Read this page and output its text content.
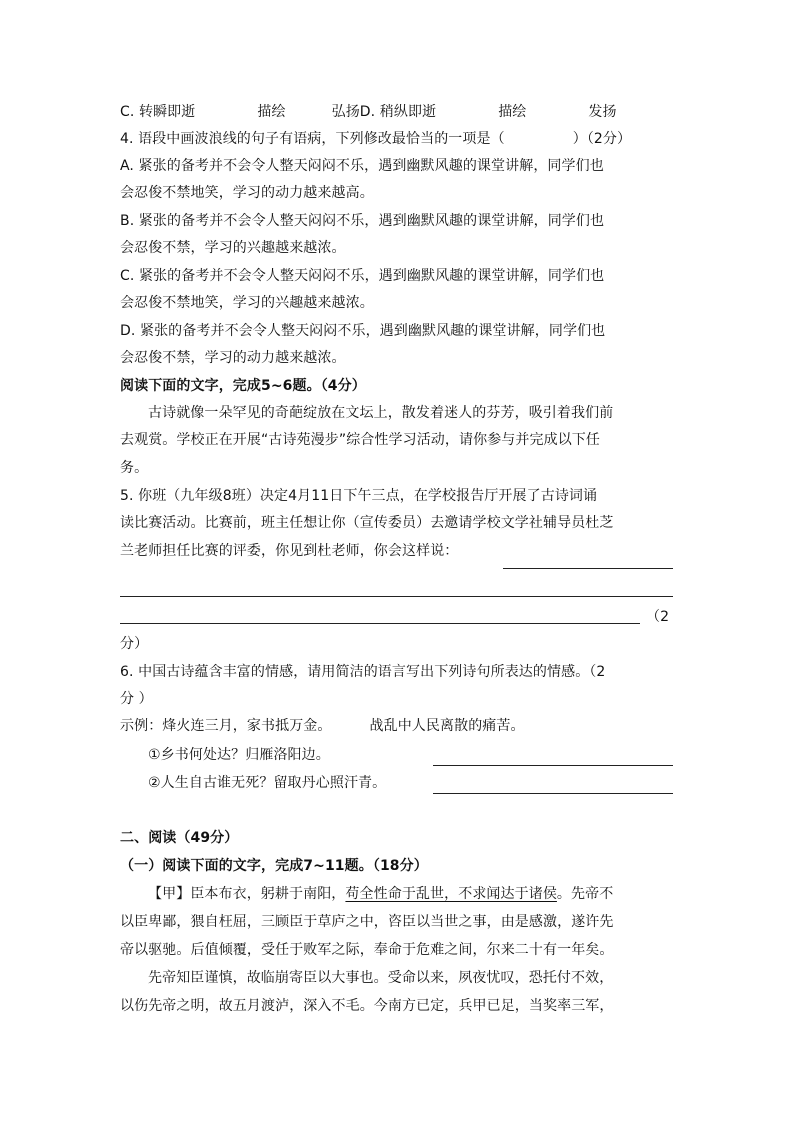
C. 转瞬即逝	描绘	弘扬D. 稍纵即逝	描绘	发扬
4. 语段中画波浪线的句子有语病，下列修改最恰当的一项是（	）（2分）
A. 紧张的备考并不会令人整天闷闷不乐，遇到幽默风趣的课堂讲解，同学们也
会忍俊不禁地笑，学习的动力越来越高。
B. 紧张的备考并不会令人整天闷闷不乐，遇到幽默风趣的课堂讲解，同学们也
会忍俊不禁，学习的兴趣越来越浓。
C. 紧张的备考并不会令人整天闷闷不乐，遇到幽默风趣的课堂讲解，同学们也
会忍俊不禁地笑，学习的兴趣越来越浓。
D. 紧张的备考并不会令人整天闷闷不乐，遇到幽默风趣的课堂讲解，同学们也
会忍俊不禁，学习的动力越来越浓。
阅读下面的文字，完成5~6题。（4分）
古诗就像一朵罕见的奇葩绽放在文坛上，散发着迷人的芬芳，吸引着我们前
去观赏。学校正在开展“古诗苑漫步”综合性学习活动，请你参与并完成以下任
务。
5. 你班（九年级8班）决定4月11日下午三点，在学校报告厅开展了古诗词诵
读比赛活动。比赛前，班主任想让你（宣传委员）去邀请学校文学社辅导员杜芝
兰老师担任比赛的评委，你见到杜老师，你会这样说：
（2
分）
6. 中国古诗蕴含丰富的情感，请用简洁的语言写出下列诗句所表达的情感。（2
分 ）
示例：烽火连三月，家书抵万金。	战乱中人民离散的痛苦。
①乡书何处达？归雁洛阳边。
②人生自古谁无死？留取丹心照汗青。
二、阅读（49分）
（一）阅读下面的文字，完成7~11题。（18分）
【甲】臣本布衣，躬耕于南阳，苟全性命于乱世，不求闻达于诸侯。先帝不
以臣卑鄙，猥自枉屈，三顾臣于草庐之中，咨臣以当世之事，由是感激，遂许先
帝以驱驰。后值倾覆，受任于败军之际，奉命于危难之间，尔来二十有一年矣。
先帝知臣谨慎，故临崩寄臣以大事也。受命以来，夙夜忧叹，恐托付不效，
以伤先帝之明，故五月渡泸，深入不毛。今南方已定，兵甲已足，当奖率三军，
